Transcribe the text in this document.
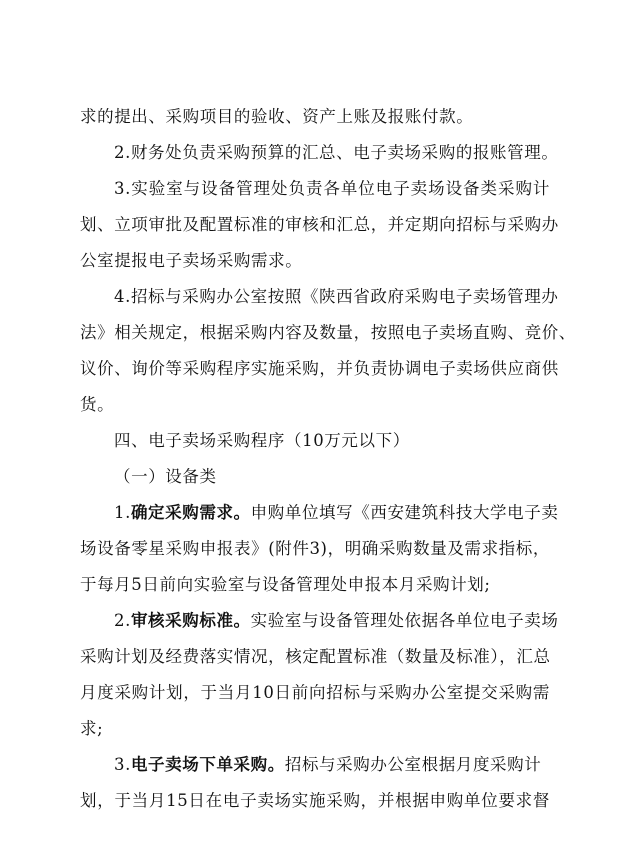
求的提出、采购项目的验收、资产上账及报账付款。
2.财务处负责采购预算的汇总、电子卖场采购的报账管理。
3.实验室与设备管理处负责各单位电子卖场设备类采购计
划、立项审批及配置标准的审核和汇总，并定期向招标与采购办
公室提报电子卖场采购需求。
4.招标与采购办公室按照《陕西省政府采购电子卖场管理办
法》相关规定，根据采购内容及数量，按照电子卖场直购、竞价、
议价、询价等采购程序实施采购，并负责协调电子卖场供应商供
货。
四、电子卖场采购程序（10万元以下）
（一）设备类
1.确定采购需求。申购单位填写《西安建筑科技大学电子卖
场设备零星采购申报表》(附件3)，明确采购数量及需求指标，
于每月5日前向实验室与设备管理处申报本月采购计划;
2.审核采购标准。实验室与设备管理处依据各单位电子卖场
采购计划及经费落实情况，核定配置标准（数量及标准），汇总
月度采购计划，于当月10日前向招标与采购办公室提交采购需
求;
3.电子卖场下单采购。招标与采购办公室根据月度采购计
划，于当月15日在电子卖场实施采购，并根据申购单位要求督
